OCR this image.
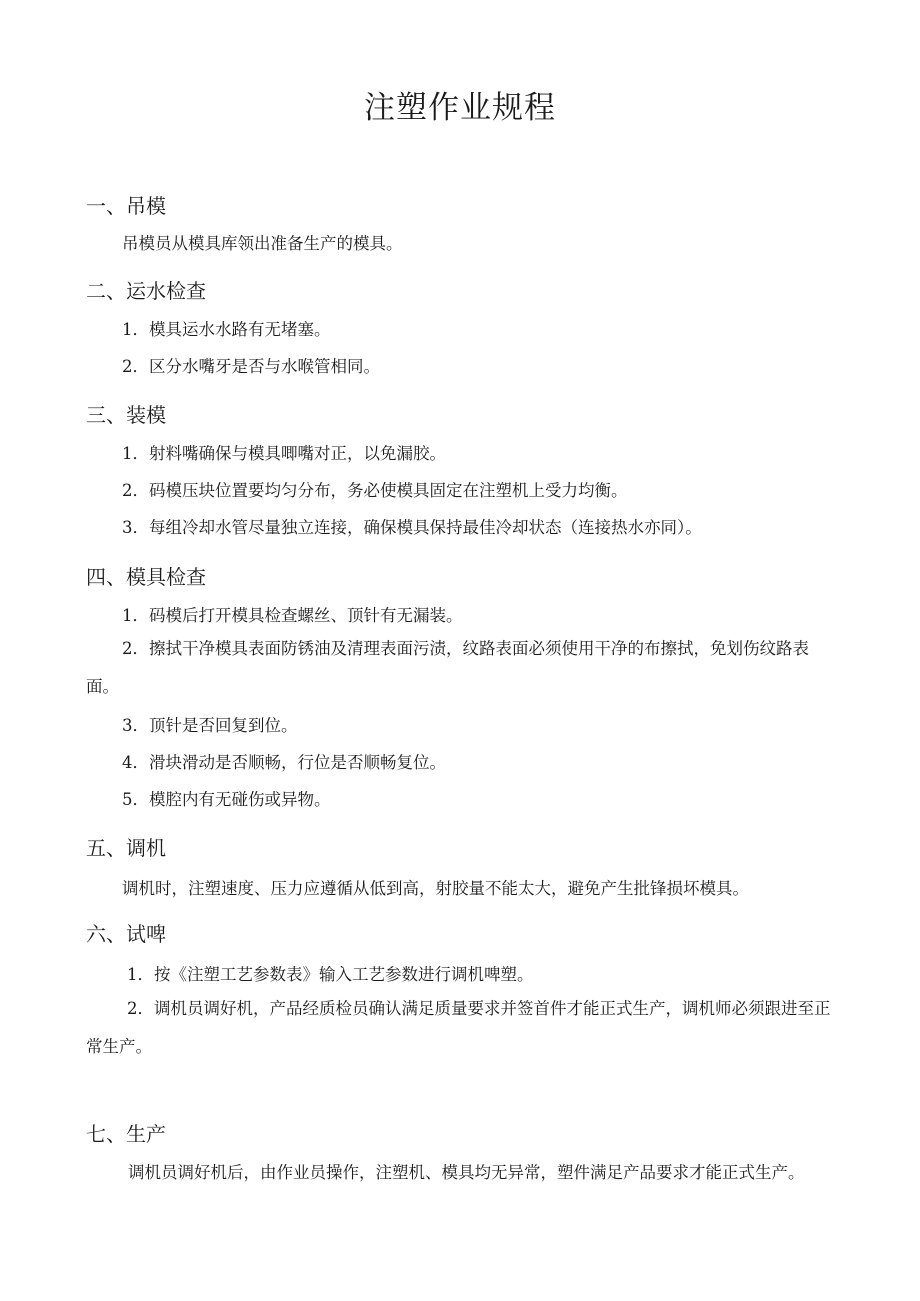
注塑作业规程
一、吊模

吊模员从模具库领出准备生产的模具。

二、运水检查

1．模具运水水路有无堵塞。

2．区分水嘴牙是否与水喉管相同。

三、装模

1．射料嘴确保与模具唧嘴对正，以免漏胶。

2．码模压块位置要均匀分布，务必使模具固定在注塑机上受力均衡。

3．每组冷却水管尽量独立连接，确保模具保持最佳冷却状态（连接热水亦同）。

四、模具检查

1．码模后打开模具检查螺丝、顶针有无漏装。

2．擦拭干净模具表面防锈油及清理表面污渍，纹路表面必须使用干净的布擦拭，免划伤纹路表面。

3．顶针是否回复到位。

4．滑块滑动是否顺畅，行位是否顺畅复位。

5．模腔内有无碰伤或异物。

五、调机

调机时，注塑速度、压力应遵循从低到高，射胶量不能太大，避免产生批锋损坏模具。

六、试啤

1．按《注塑工艺参数表》输入工艺参数进行调机啤塑。

2．调机员调好机，产品经质检员确认满足质量要求并签首件才能正式生产，调机师必须跟进至正常生产。

七、生产

调机员调好机后，由作业员操作，注塑机、模具均无异常，塑件满足产品要求才能正式生产。
